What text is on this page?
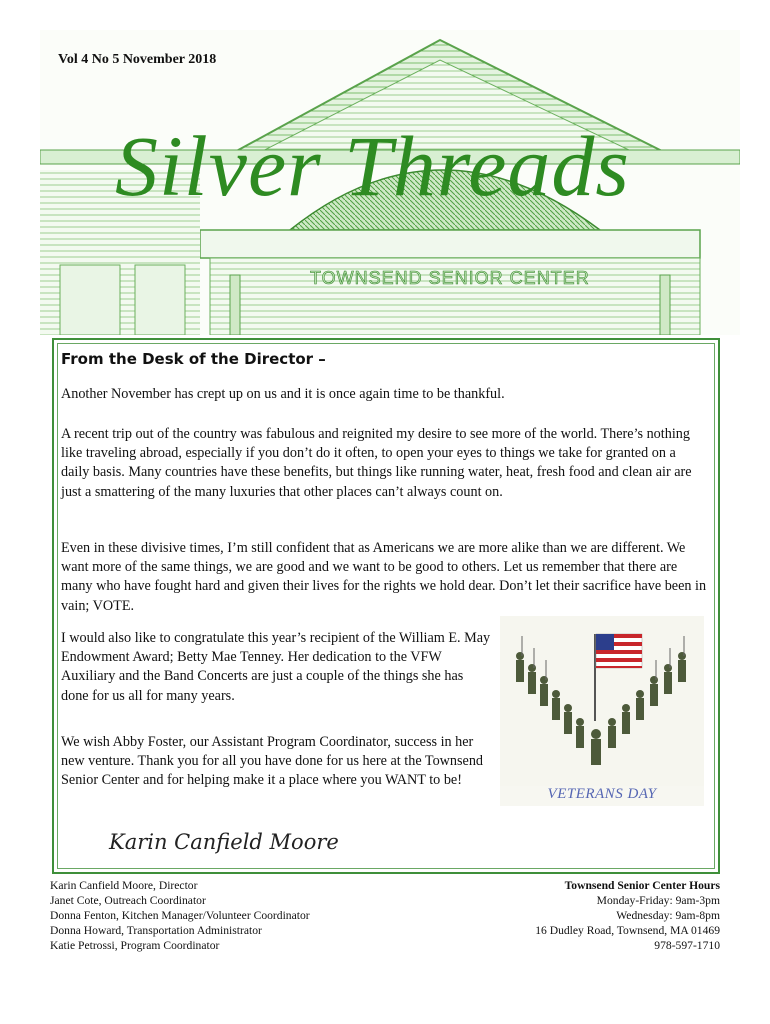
Vol 4 No 5 November 2018
Silver Threads
TOWNSEND SENIOR CENTER
From the Desk of the Director –

Another November has crept up on us and it is once again time to be thankful.

A recent trip out of the country was fabulous and reignited my desire to see more of the world. There’s nothing like traveling abroad, especially if you don’t do it often, to open your eyes to things we take for granted on a daily basis. Many countries have these benefits, but things like running water, heat, fresh food and clean air are just a smattering of the many luxuries that other places can’t always count on.

Even in these divisive times, I’m still confident that as Americans we are more alike than we are different. We want more of the same things, we are good and we want to be good to others. Let us remember that there are many who have fought hard and given their lives for the rights we hold dear. Don’t let their sacrifice have been in vain; VOTE.

I would also like to congratulate this year’s recipient of the William E. May Endowment Award; Betty Mae Tenney. Her dedication to the VFW Auxiliary and the Band Concerts are just a couple of the things she has done for us all for many years.

We wish Abby Foster, our Assistant Program Coordinator, success in her new venture. Thank you for all you have done for us here at the Townsend Senior Center and for helping make it a place where you WANT to be!

VETERANS DAY
Karin Canfield Moore
Karin Canfield Moore, Director
Janet Cote, Outreach Coordinator
Donna Fenton, Kitchen Manager/Volunteer Coordinator
Donna Howard, Transportation Administrator
Katie Petrossi, Program Coordinator
Townsend Senior Center Hours
Monday-Friday: 9am-3pm
Wednesday: 9am-8pm
16 Dudley Road, Townsend, MA 01469
978-597-1710
